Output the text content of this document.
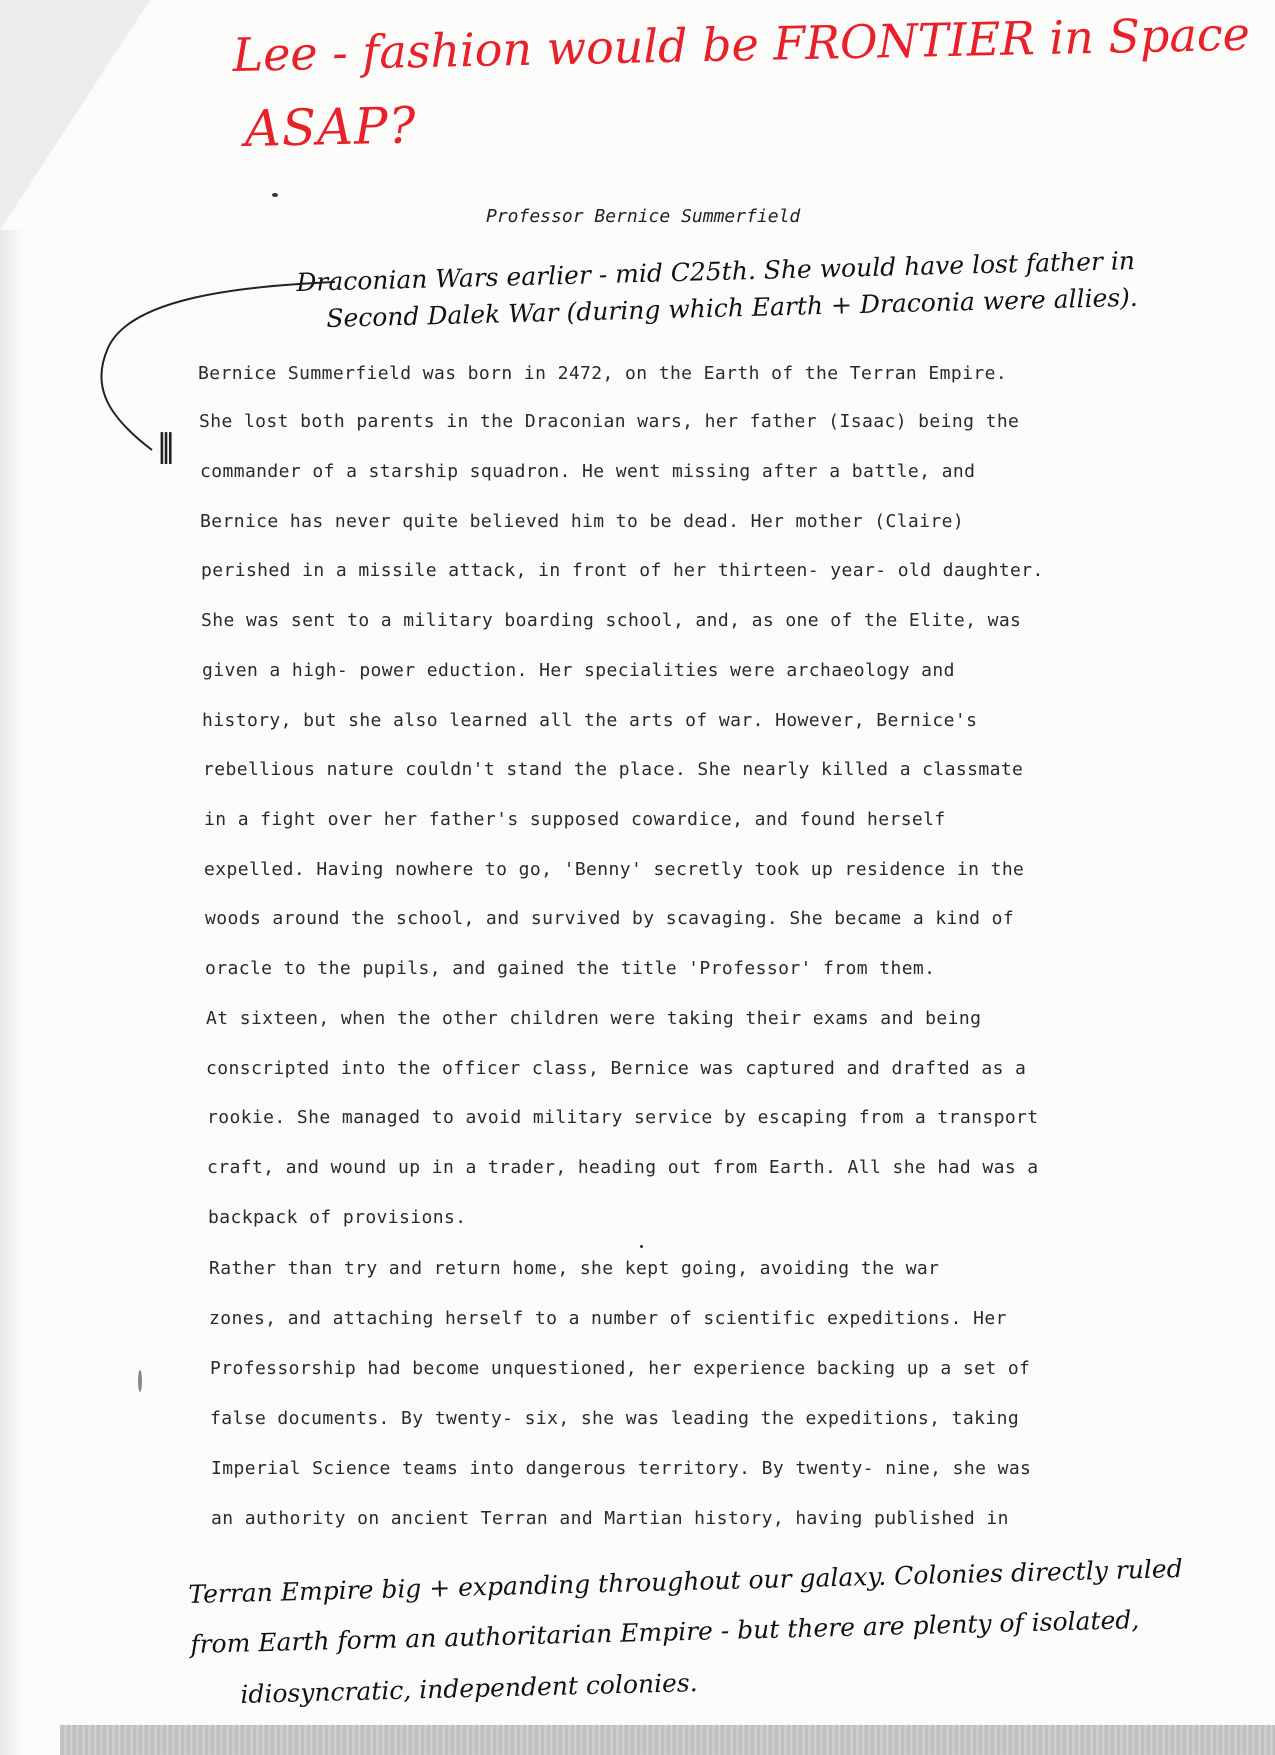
Lee - fashion would be FRONTIER in Space
ASAP?
Professor Bernice Summerfield
Draconian Wars earlier - mid C25th. She would have lost father in
Second Dalek War (during which Earth + Draconia were allies).
III
Bernice Summerfield was born in 2472, on the Earth of the Terran Empire.
She lost both parents in the Draconian wars, her father (Isaac) being the
commander of a starship squadron. He went missing after a battle, and
Bernice has never quite believed him to be dead. Her mother (Claire)
perished in a missile attack, in front of her thirteen- year- old daughter.
She was sent to a military boarding school, and, as one of the Elite, was
given a high- power eduction. Her specialities were archaeology and
history, but she also learned all the arts of war. However, Bernice's
rebellious nature couldn't stand the place. She nearly killed a classmate
in a fight over her father's supposed cowardice, and found herself
expelled. Having nowhere to go, 'Benny' secretly took up residence in the
woods around the school, and survived by scavaging. She became a kind of
oracle to the pupils, and gained the title 'Professor' from them.
At sixteen, when the other children were taking their exams and being
conscripted into the officer class, Bernice was captured and drafted as a
rookie. She managed to avoid military service by escaping from a transport
craft, and wound up in a trader, heading out from Earth. All she had was a
backpack of provisions.
Rather than try and return home, she kept going, avoiding the war
zones, and attaching herself to a number of scientific expeditions. Her
Professorship had become unquestioned, her experience backing up a set of
false documents. By twenty- six, she was leading the expeditions, taking
Imperial Science teams into dangerous territory. By twenty- nine, she was
an authority on ancient Terran and Martian history, having published in
Terran Empire big + expanding throughout our galaxy. Colonies directly ruled
from Earth form an authoritarian Empire - but there are plenty of isolated,
idiosyncratic, independent colonies.
